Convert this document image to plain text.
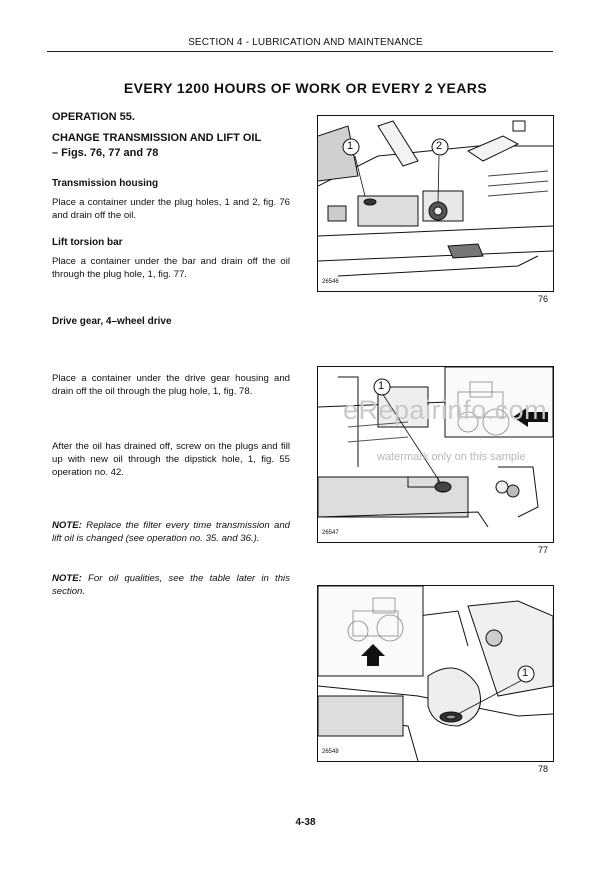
SECTION 4 - LUBRICATION AND MAINTENANCE
EVERY 1200 HOURS OF WORK OR EVERY 2 YEARS
OPERATION 55.
CHANGE TRANSMISSION AND LIFT OIL
– Figs. 76, 77 and 78
Transmission housing
Place a container under the plug holes, 1 and 2, fig. 76 and drain off the oil.
Lift torsion bar
Place a container under the bar and drain off the oil through the plug hole, 1, fig. 77.
Drive gear, 4–wheel drive
Place a container under the drive gear housing and drain off the oil through the plug hole, 1, fig. 78.
After the oil has drained off, screw on the plugs and fill up with new oil through the dipstick hole, 1, fig. 55 operation no. 42.
NOTE: Replace the filter every time transmission and lift oil is changed (see operation no. 35. and 36.).
NOTE: For oil qualities, see the table later in this section.
1	2
26546
76
1
26547
77
1
26548
78
eRepairinfo.com
watermark only on this sample
4-38
